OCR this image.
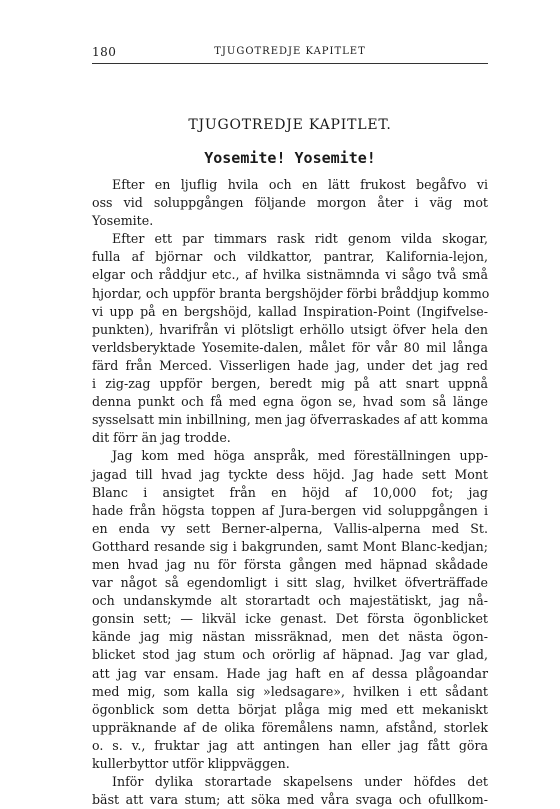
180	TJUGOTREDJE KAPITLET
TJUGOTREDJE KAPITLET.
Yosemite! Yosemite!
Efter en ljuflig hvila och en lätt frukost begåfvo vi
oss vid soluppgången följande morgon åter i väg mot
Yosemite.
Efter ett par timmars rask ridt genom vilda skogar,
fulla af björnar och vildkattor, pantrar, Kalifornia-lejon,
elgar och råddjur etc., af hvilka sistnämnda vi sågo två små
hjordar, och uppför branta bergshöjder förbi bråddjup kommo
vi upp på en bergshöjd, kallad Inspiration-Point (Ingifvelse-
punkten), hvarifrån vi plötsligt erhöllo utsigt öfver hela den
verldsberyktade Yosemite-dalen, målet för vår 80 mil långa
färd från Merced. Visserligen hade jag, under det jag red
i zig-zag uppför bergen, beredt mig på att snart uppnå
denna punkt och få med egna ögon se, hvad som så länge
sysselsatt min inbillning, men jag öfverraskades af att komma
dit förr än jag trodde.
Jag kom med höga anspråk, med föreställningen upp-
jagad till hvad jag tyckte dess höjd. Jag hade sett Mont
Blanc i ansigtet från en höjd af 10,000 fot; jag
hade från högsta toppen af Jura-bergen vid soluppgången i
en enda vy sett Berner-alperna, Vallis-alperna med St.
Gotthard resande sig i bakgrunden, samt Mont Blanc-kedjan;
men hvad jag nu för första gången med häpnad skådade
var något så egendomligt i sitt slag, hvilket öfverträffade
och undanskymde alt storartadt och majestätiskt, jag nå-
gonsin sett; — likväl icke genast. Det första ögonblicket
kände jag mig nästan missräknad, men det nästa ögon-
blicket stod jag stum och orörlig af häpnad. Jag var glad,
att jag var ensam. Hade jag haft en af dessa plågoandar
med mig, som kalla sig »ledsagare», hvilken i ett sådant
ögonblick som detta börjat plåga mig med ett mekaniskt
uppräknande af de olika föremålens namn, afstånd, storlek
o. s. v., fruktar jag att antingen han eller jag fått göra
kullerbyttor utför klippväggen.
Inför dylika storartade skapelsens under höfdes det
bäst att vara stum; att söka med våra svaga och ofullkom-
